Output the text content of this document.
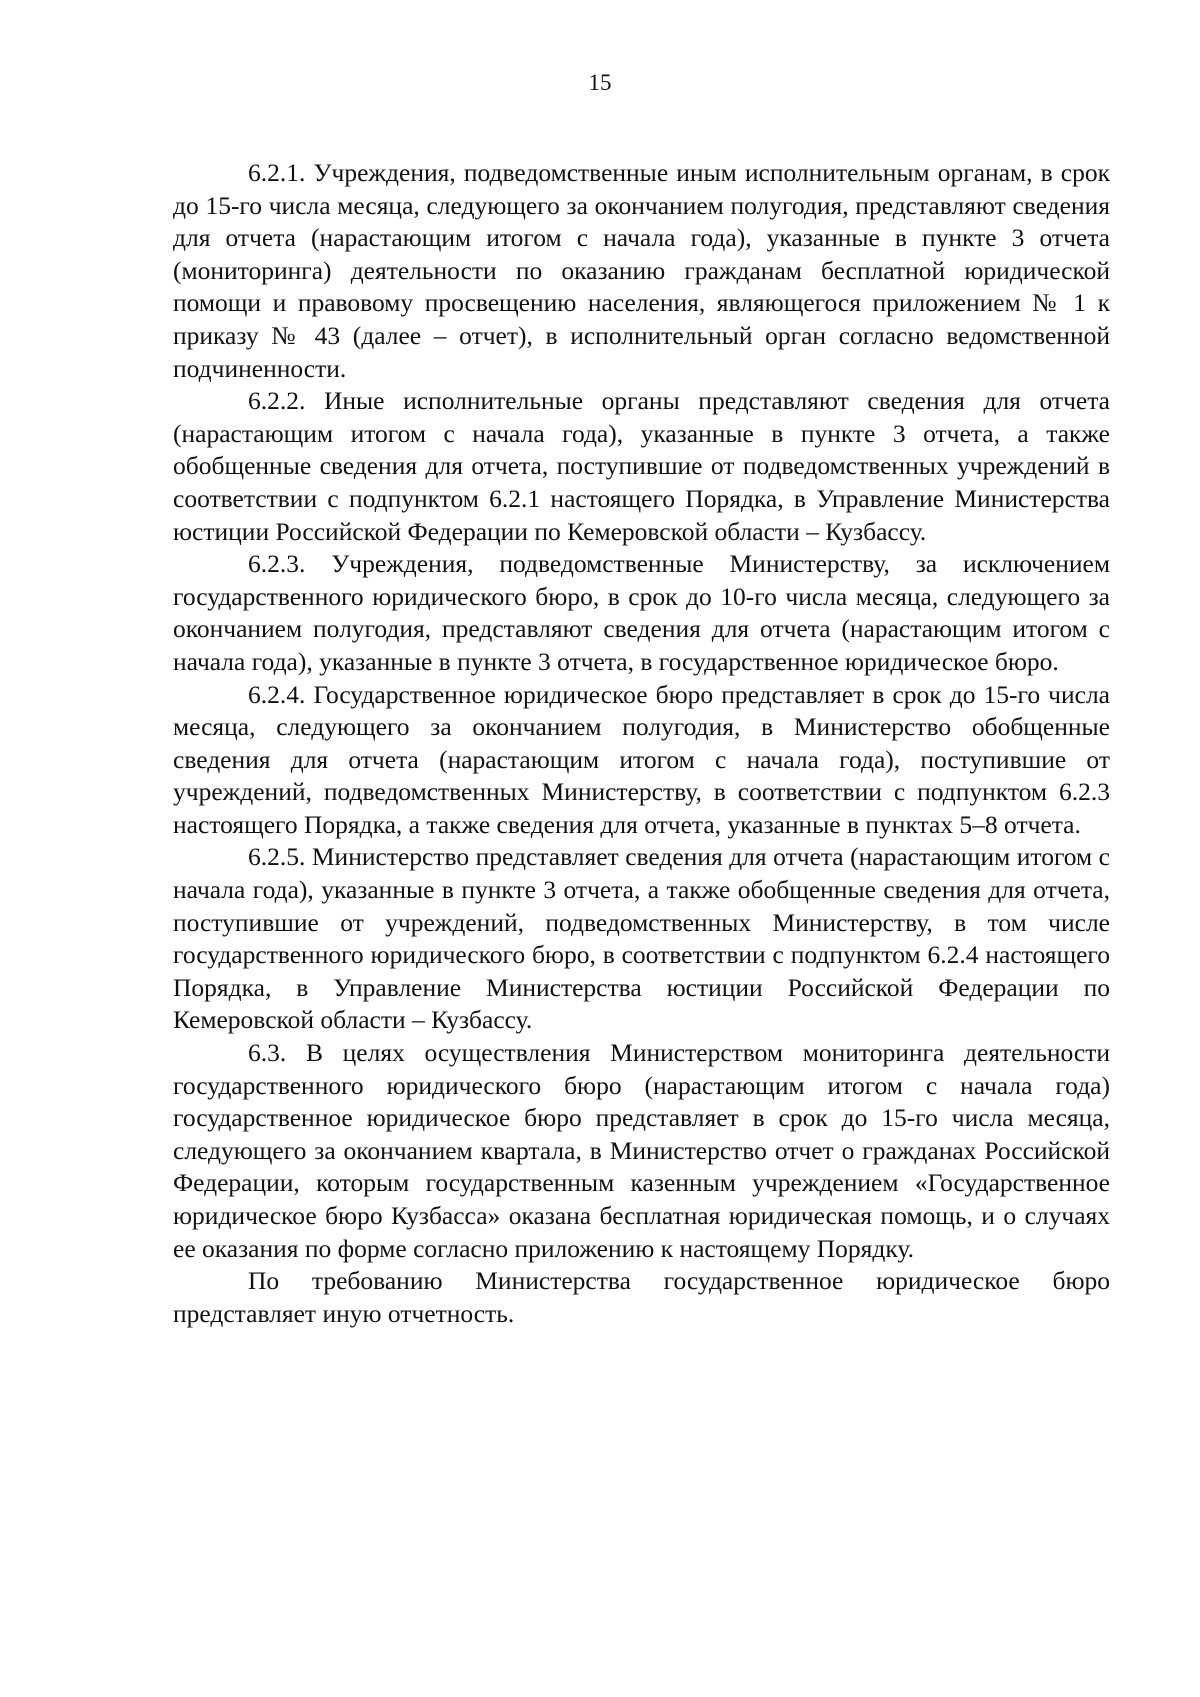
15

6.2.1. Учреждения, подведомственные иным исполнительным органам, в срок до 15-го числа месяца, следующего за окончанием полугодия, представляют сведения для отчета (нарастающим итогом с начала года), указанные в пункте 3 отчета (мониторинга) деятельности по оказанию гражданам бесплатной юридической помощи и правовому просвещению населения, являющегося приложением № 1 к приказу № 43 (далее – отчет), в исполнительный орган согласно ведомственной подчиненности.

6.2.2. Иные исполнительные органы представляют сведения для отчета (нарастающим итогом с начала года), указанные в пункте 3 отчета, а также обобщенные сведения для отчета, поступившие от подведомственных учреждений в соответствии с подпунктом 6.2.1 настоящего Порядка, в Управление Министерства юстиции Российской Федерации по Кемеровской области – Кузбассу.

6.2.3. Учреждения, подведомственные Министерству, за исключением государственного юридического бюро, в срок до 10-го числа месяца, следующего за окончанием полугодия, представляют сведения для отчета (нарастающим итогом с начала года), указанные в пункте 3 отчета, в государственное юридическое бюро.

6.2.4. Государственное юридическое бюро представляет в срок до 15-го числа месяца, следующего за окончанием полугодия, в Министерство обобщенные сведения для отчета (нарастающим итогом с начала года), поступившие от учреждений, подведомственных Министерству, в соответствии с подпунктом 6.2.3 настоящего Порядка, а также сведения для отчета, указанные в пунктах 5–8 отчета.

6.2.5. Министерство представляет сведения для отчета (нарастающим итогом с начала года), указанные в пункте 3 отчета, а также обобщенные сведения для отчета, поступившие от учреждений, подведомственных Министерству, в том числе государственного юридического бюро, в соответствии с подпунктом 6.2.4 настоящего Порядка, в Управление Министерства юстиции Российской Федерации по Кемеровской области – Кузбассу.

6.3. В целях осуществления Министерством мониторинга деятельности государственного юридического бюро (нарастающим итогом с начала года) государственное юридическое бюро представляет в срок до 15-го числа месяца, следующего за окончанием квартала, в Министерство отчет о гражданах Российской Федерации, которым государственным казенным учреждением «Государственное юридическое бюро Кузбасса» оказана бесплатная юридическая помощь, и о случаях ее оказания по форме согласно приложению к настоящему Порядку.

По требованию Министерства государственное юридическое бюро представляет иную отчетность.
